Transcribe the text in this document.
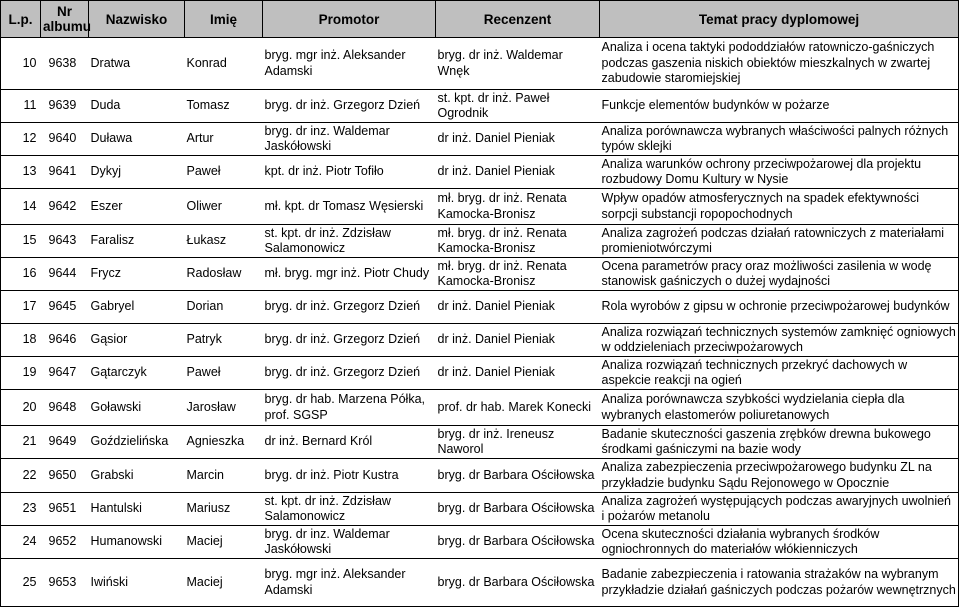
L.p.	Nr albumu	Nazwisko	Imię	Promotor	Recenzent	Temat pracy dyplomowej
10	9638	Dratwa	Konrad	bryg. mgr inż. Aleksander Adamski	bryg. dr inż. Waldemar Wnęk	Analiza i ocena taktyki pododdziałów ratowniczo-gaśniczych podczas gaszenia niskich obiektów mieszkalnych w zwartej zabudowie staromiejskiej
11	9639	Duda	Tomasz	bryg. dr inż. Grzegorz Dzień	st. kpt. dr inż. Paweł Ogrodnik	Funkcje elementów budynków w pożarze
12	9640	Duława	Artur	bryg. dr inz. Waldemar Jaskółowski	dr inż. Daniel Pieniak	Analiza porównawcza wybranych właściwości palnych różnych typów sklejki
13	9641	Dykyj	Paweł	kpt. dr inż. Piotr Tofiło	dr inż. Daniel Pieniak	Analiza warunków ochrony przeciwpożarowej dla projektu rozbudowy Domu Kultury w Nysie
14	9642	Eszer	Oliwer	mł. kpt. dr Tomasz Węsierski	mł. bryg. dr inż. Renata Kamocka-Bronisz	Wpływ opadów atmosferycznych na spadek efektywności sorpcji substancji ropopochodnych
15	9643	Faralisz	Łukasz	st. kpt. dr inż. Zdzisław Salamonowicz	mł. bryg. dr inż. Renata Kamocka-Bronisz	Analiza zagrożeń podczas działań ratowniczych z materiałami promieniotwórczymi
16	9644	Frycz	Radosław	mł. bryg. mgr inż. Piotr Chudy	mł. bryg. dr inż. Renata Kamocka-Bronisz	Ocena parametrów pracy oraz możliwości zasilenia w wodę stanowisk gaśniczych o dużej wydajności
17	9645	Gabryel	Dorian	bryg. dr inż. Grzegorz Dzień	dr inż. Daniel Pieniak	Rola wyrobów z gipsu w ochronie przeciwpożarowej budynków
18	9646	Gąsior	Patryk	bryg. dr inż. Grzegorz Dzień	dr inż. Daniel Pieniak	Analiza rozwiązań technicznych systemów zamknięć ogniowych w oddzieleniach przeciwpożarowych
19	9647	Gątarczyk	Paweł	bryg. dr inż. Grzegorz Dzień	dr inż. Daniel Pieniak	Analiza rozwiązań technicznych przekryć dachowych w aspekcie reakcji na ogień
20	9648	Goławski	Jarosław	bryg. dr hab. Marzena Półka, prof. SGSP	prof. dr hab. Marek Konecki	Analiza porównawcza szybkości wydzielania ciepła dla wybranych elastomerów poliuretanowych
21	9649	Goździelińska	Agnieszka	dr inż. Bernard Król	bryg. dr inż. Ireneusz Naworol	Badanie skuteczności gaszenia zrębków drewna bukowego środkami gaśniczymi na bazie wody
22	9650	Grabski	Marcin	bryg. dr inż. Piotr Kustra	bryg. dr Barbara Ościłowska	Analiza zabezpieczenia przeciwpożarowego budynku ZL na przykładzie budynku Sądu Rejonowego w Opocznie
23	9651	Hantulski	Mariusz	st. kpt. dr inż. Zdzisław Salamonowicz	bryg. dr Barbara Ościłowska	Analiza zagrożeń występujących podczas awaryjnych uwolnień i pożarów metanolu
24	9652	Humanowski	Maciej	bryg. dr inz. Waldemar Jaskółowski	bryg. dr Barbara Ościłowska	Ocena skuteczności działania wybranych środków ogniochronnych do materiałów włókienniczych
25	9653	Iwiński	Maciej	bryg. mgr inż. Aleksander Adamski	bryg. dr Barbara Ościłowska	Badanie zabezpieczenia i ratowania strażaków na wybranym przykładzie działań gaśniczych podczas pożarów wewnętrznych
